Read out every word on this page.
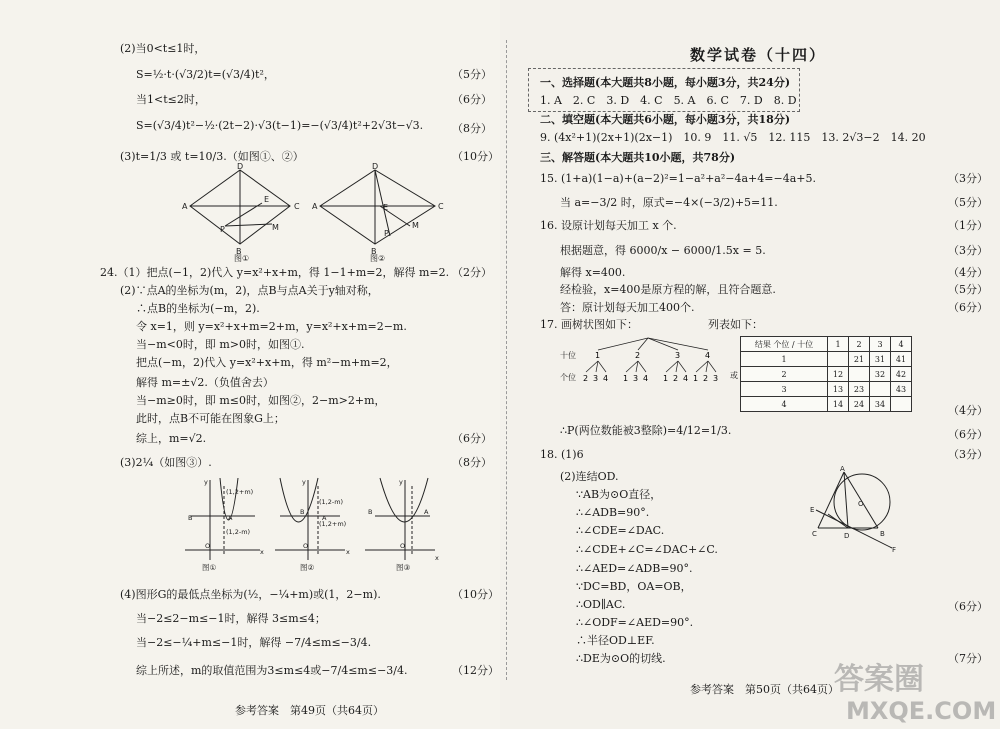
A
D
C
B
E
P	M
A
D
C
B
E
P
M
图①	图②
y
x
B	A
(1,2+m)
(1,2-m)
O
y
x
B
A
(1,2-m)
(1,2+m)
O
y
x
B	A
O
图①	图②	图③
参考答案　第49页（共64页）
数学试卷（十四）
一、选择题(本大题共8小题，每小题3分，共24分)
1. A　2. C　3. D　4. C　5. A　6. C　7. D　8. D
二、填空题(本大题共6小题，每小题3分，共18分)
9. (4x²+1)(2x+1)(2x−1)　10. 9　11. √5　12. 115　13. 2√3−2　14. 20
三、解答题(本大题共10小题，共78分)
十位
个位	或
1
2 3 4
2
1 3 4
3
1 2 4
4
1 2 3
结果 个位 / 十位	1	2	3	4
1		21	31	41
2	12		32	42
3	13	23		43
4	14	24	34	
A
E
C	D
O
B
F
参考答案　第50页（共64页）
答案圈
MXQE.COM
(2)当0<t≤1时，
S=½·t·(√3/2)t=(√3/4)t²，
当1<t≤2时，
S=(√3/4)t²−½·(2t−2)·√3(t−1)=−(√3/4)t²+2√3t−√3.
(3)t=1/3 或 t=10/3.（如图①、②）
24.（1）把点(−1，2)代入 y=x²+x+m，得 1−1+m=2，解得 m=2.
(2)∵点A的坐标为(m，2)，点B与点A关于y轴对称，
∴点B的坐标为(−m，2).
令 x=1，则 y=x²+x+m=2+m，y=x²+x+m=2−m.
当−m<0时，即 m>0时，如图①.
把点(−m，2)代入 y=x²+x+m，得 m²−m+m=2，
解得 m=±√2.（负值舍去）
当−m≥0时，即 m≤0时，如图②，2−m>2+m，
此时，点B不可能在图象G上；
综上，m=√2.
(3)2¼（如图③）.
(4)图形G的最低点坐标为(½，−¼+m)或(1，2−m).
当−2≤2−m≤−1时，解得 3≤m≤4；
当−2≤−¼+m≤−1时，解得 −7/4≤m≤−3/4.
综上所述，m的取值范围为3≤m≤4或−7/4≤m≤−3/4.
（5分）
（6分）
（8分）
（10分）
（2分）
（6分）
（8分）
（10分）
（12分）
15. (1+a)(1−a)+(a−2)²=1−a²+a²−4a+4=−4a+5.
当 a=−3/2 时，原式=−4×(−3/2)+5=11.
16. 设原计划每天加工 x 个.
根据题意，得 6000/x − 6000/1.5x = 5.
解得 x=400.
经检验，x=400是原方程的解，且符合题意.
答：原计划每天加工400个.
17. 画树状图如下：	列表如下：
∴P(两位数能被3整除)=4/12=1/3.
18. (1)6
(2)连结OD.
∵AB为⊙O直径，
∴∠ADB=90°.
∴∠CDE=∠DAC.
∴∠CDE+∠C=∠DAC+∠C.
∴∠AED=∠ADB=90°.
∵DC=BD，OA=OB，
∴OD∥AC.
∴∠ODF=∠AED=90°.
∴半径OD⊥EF.
∴DE为⊙O的切线.
（3分）
（5分）
（1分）
（3分）
（4分）
（5分）
（6分）
（4分）
（6分）
（3分）
（6分）
（7分）
